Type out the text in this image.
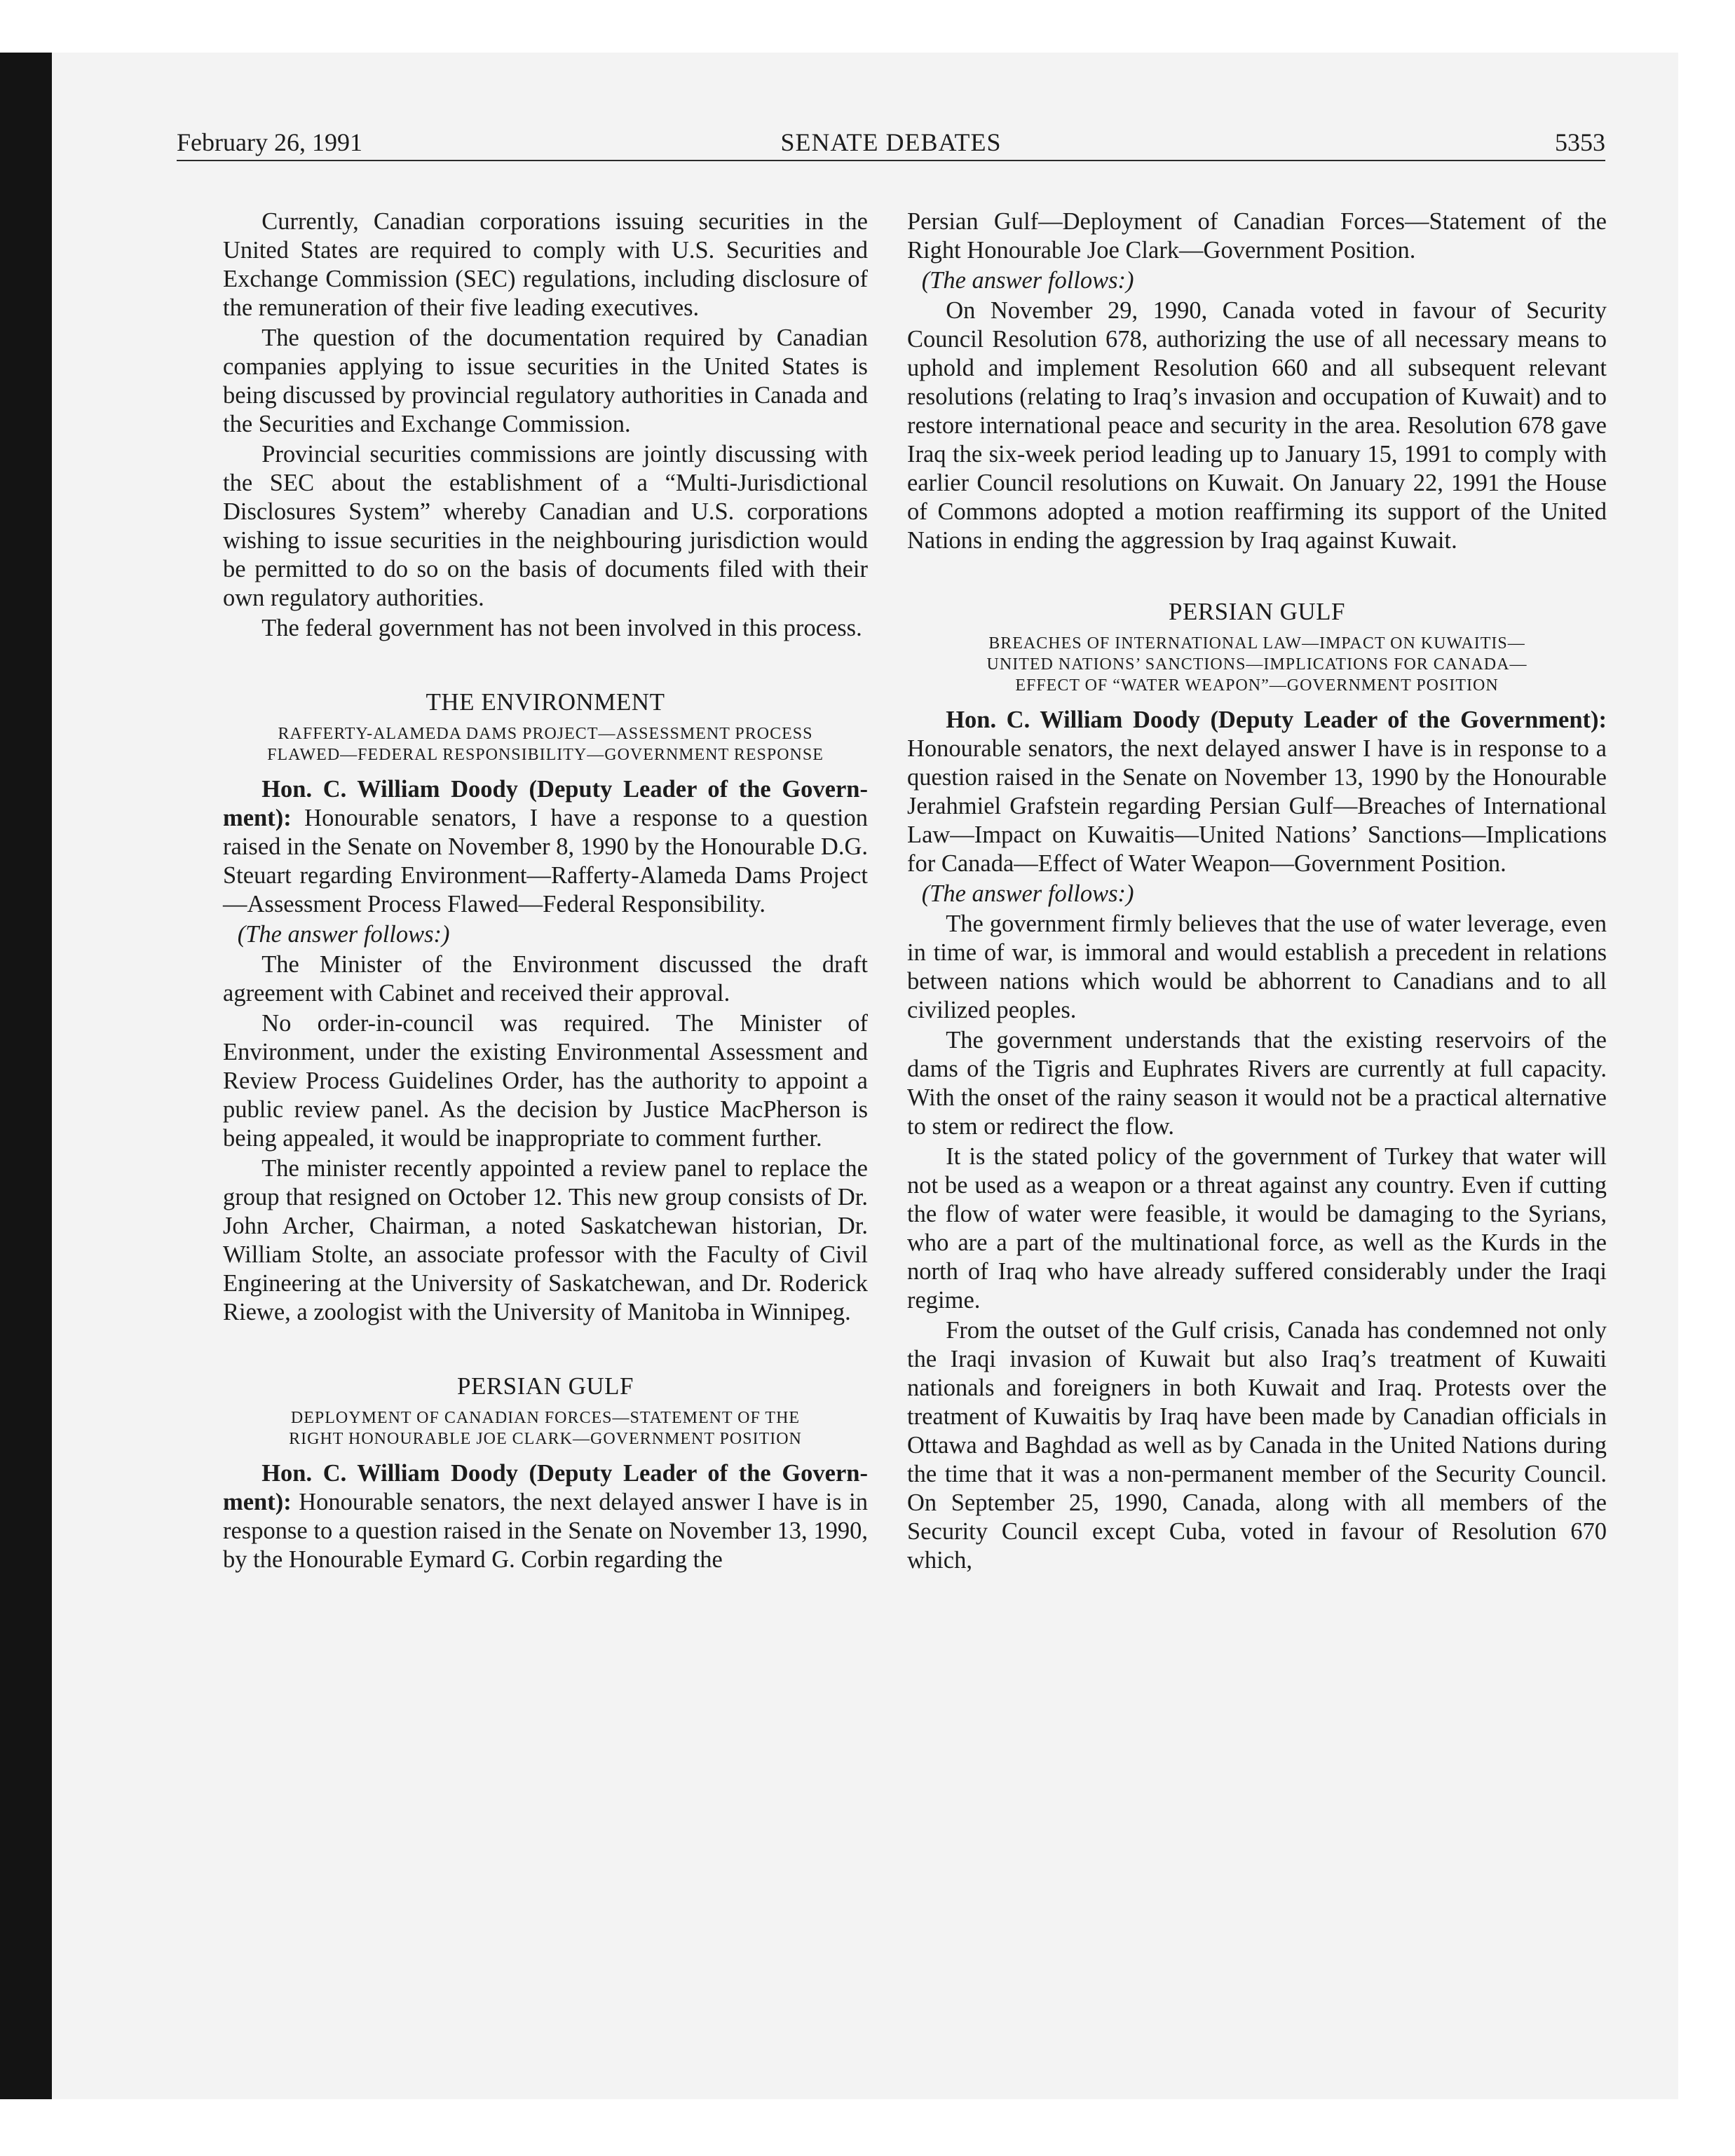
February 26, 1991	SENATE DEBATES	5353

Currently, Canadian corporations issuing securities in the United States are required to comply with U.S. Securities and Exchange Commission (SEC) regulations, including disclosure of the remuneration of their five leading executives.

The question of the documentation required by Canadian companies applying to issue securities in the United States is being discussed by provincial regulatory authorities in Canada and the Securities and Exchange Commission.

Provincial securities commissions are jointly discussing with the SEC about the establishment of a “Multi-Jurisdictional Disclosures System” whereby Canadian and U.S. corporations wishing to issue securities in the neighbouring jurisdiction would be permitted to do so on the basis of documents filed with their own regulatory authorities.

The federal government has not been involved in this process.

THE ENVIRONMENT
RAFFERTY-ALAMEDA DAMS PROJECT—ASSESSMENT PROCESS
FLAWED—FEDERAL RESPONSIBILITY—GOVERNMENT RESPONSE

Hon. C. William Doody (Deputy Leader of the Government): Honourable senators, I have a response to a question raised in the Senate on November 8, 1990 by the Honourable D.G. Steuart regarding Environment—Rafferty-Alameda Dams Project—Assessment Process Flawed—Federal Responsibility.

(The answer follows:)

The Minister of the Environment discussed the draft agreement with Cabinet and received their approval.

No order-in-council was required. The Minister of Environment, under the existing Environmental Assessment and Review Process Guidelines Order, has the authority to appoint a public review panel. As the decision by Justice MacPherson is being appealed, it would be inappropriate to comment further.

The minister recently appointed a review panel to replace the group that resigned on October 12. This new group consists of Dr. John Archer, Chairman, a noted Saskatchewan historian, Dr. William Stolte, an associate professor with the Faculty of Civil Engineering at the University of Saskatchewan, and Dr. Roderick Riewe, a zoologist with the University of Manitoba in Winnipeg.

PERSIAN GULF
DEPLOYMENT OF CANADIAN FORCES—STATEMENT OF THE
RIGHT HONOURABLE JOE CLARK—GOVERNMENT POSITION

Hon. C. William Doody (Deputy Leader of the Government): Honourable senators, the next delayed answer I have is in response to a question raised in the Senate on November 13, 1990, by the Honourable Eymard G. Corbin regarding the

Persian Gulf—Deployment of Canadian Forces—Statement of the Right Honourable Joe Clark—Government Position.

(The answer follows:)

On November 29, 1990, Canada voted in favour of Security Council Resolution 678, authorizing the use of all necessary means to uphold and implement Resolution 660 and all subsequent relevant resolutions (relating to Iraq’s invasion and occupation of Kuwait) and to restore international peace and security in the area. Resolution 678 gave Iraq the six-week period leading up to January 15, 1991 to comply with earlier Council resolutions on Kuwait. On January 22, 1991 the House of Commons adopted a motion reaffirming its support of the United Nations in ending the aggression by Iraq against Kuwait.

PERSIAN GULF
BREACHES OF INTERNATIONAL LAW—IMPACT ON KUWAITIS—
UNITED NATIONS’ SANCTIONS—IMPLICATIONS FOR CANADA—
EFFECT OF “WATER WEAPON”—GOVERNMENT POSITION

Hon. C. William Doody (Deputy Leader of the Government): Honourable senators, the next delayed answer I have is in response to a question raised in the Senate on November 13, 1990 by the Honourable Jerahmiel Grafstein regarding Persian Gulf—Breaches of International Law—Impact on Kuwaitis—United Nations’ Sanctions—Implications for Canada—Effect of Water Weapon—Government Position.

(The answer follows:)

The government firmly believes that the use of water leverage, even in time of war, is immoral and would establish a precedent in relations between nations which would be abhorrent to Canadians and to all civilized peoples.

The government understands that the existing reservoirs of the dams of the Tigris and Euphrates Rivers are currently at full capacity. With the onset of the rainy season it would not be a practical alternative to stem or redirect the flow.

It is the stated policy of the government of Turkey that water will not be used as a weapon or a threat against any country. Even if cutting the flow of water were feasible, it would be damaging to the Syrians, who are a part of the multinational force, as well as the Kurds in the north of Iraq who have already suffered considerably under the Iraqi regime.

From the outset of the Gulf crisis, Canada has condemned not only the Iraqi invasion of Kuwait but also Iraq’s treatment of Kuwaiti nationals and foreigners in both Kuwait and Iraq. Protests over the treatment of Kuwaitis by Iraq have been made by Canadian officials in Ottawa and Baghdad as well as by Canada in the United Nations during the time that it was a non-permanent member of the Security Council. On September 25, 1990, Canada, along with all members of the Security Council except Cuba, voted in favour of Resolution 670 which,
